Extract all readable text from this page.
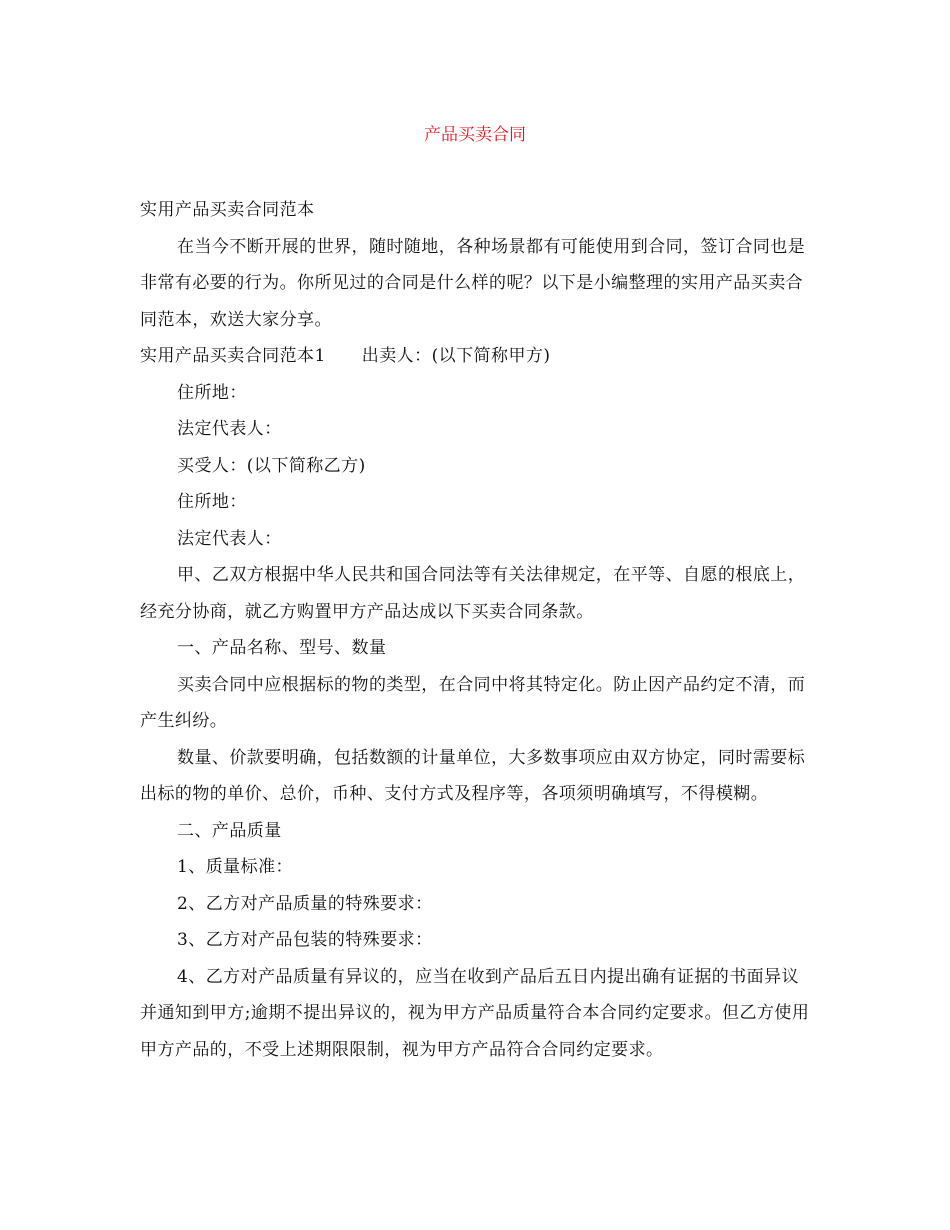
产品买卖合同

实用产品买卖合同范本

在当今不断开展的世界，随时随地，各种场景都有可能使用到合同，签订合同也是非常有必要的行为。你所见过的合同是什么样的呢？以下是小编整理的实用产品买卖合同范本，欢送大家分享。

实用产品买卖合同范本1 出卖人：(以下简称甲方)

住所地：

法定代表人：

买受人：(以下简称乙方)

住所地：

法定代表人：

甲、乙双方根据中华人民共和国合同法等有关法律规定，在平等、自愿的根底上，经充分协商，就乙方购置甲方产品达成以下买卖合同条款。

一、产品名称、型号、数量

买卖合同中应根据标的物的类型，在合同中将其特定化。防止因产品约定不清，而产生纠纷。

数量、价款要明确，包括数额的计量单位，大多数事项应由双方协定，同时需要标出标的物的单价、总价，币种、支付方式及程序等，各项须明确填写，不得模糊。

二、产品质量

1、质量标准：

2、乙方对产品质量的特殊要求：

3、乙方对产品包装的特殊要求：

4、乙方对产品质量有异议的，应当在收到产品后五日内提出确有证据的书面异议并通知到甲方;逾期不提出异议的，视为甲方产品质量符合本合同约定要求。但乙方使用甲方产品的，不受上述期限限制，视为甲方产品符合合同约定要求。
